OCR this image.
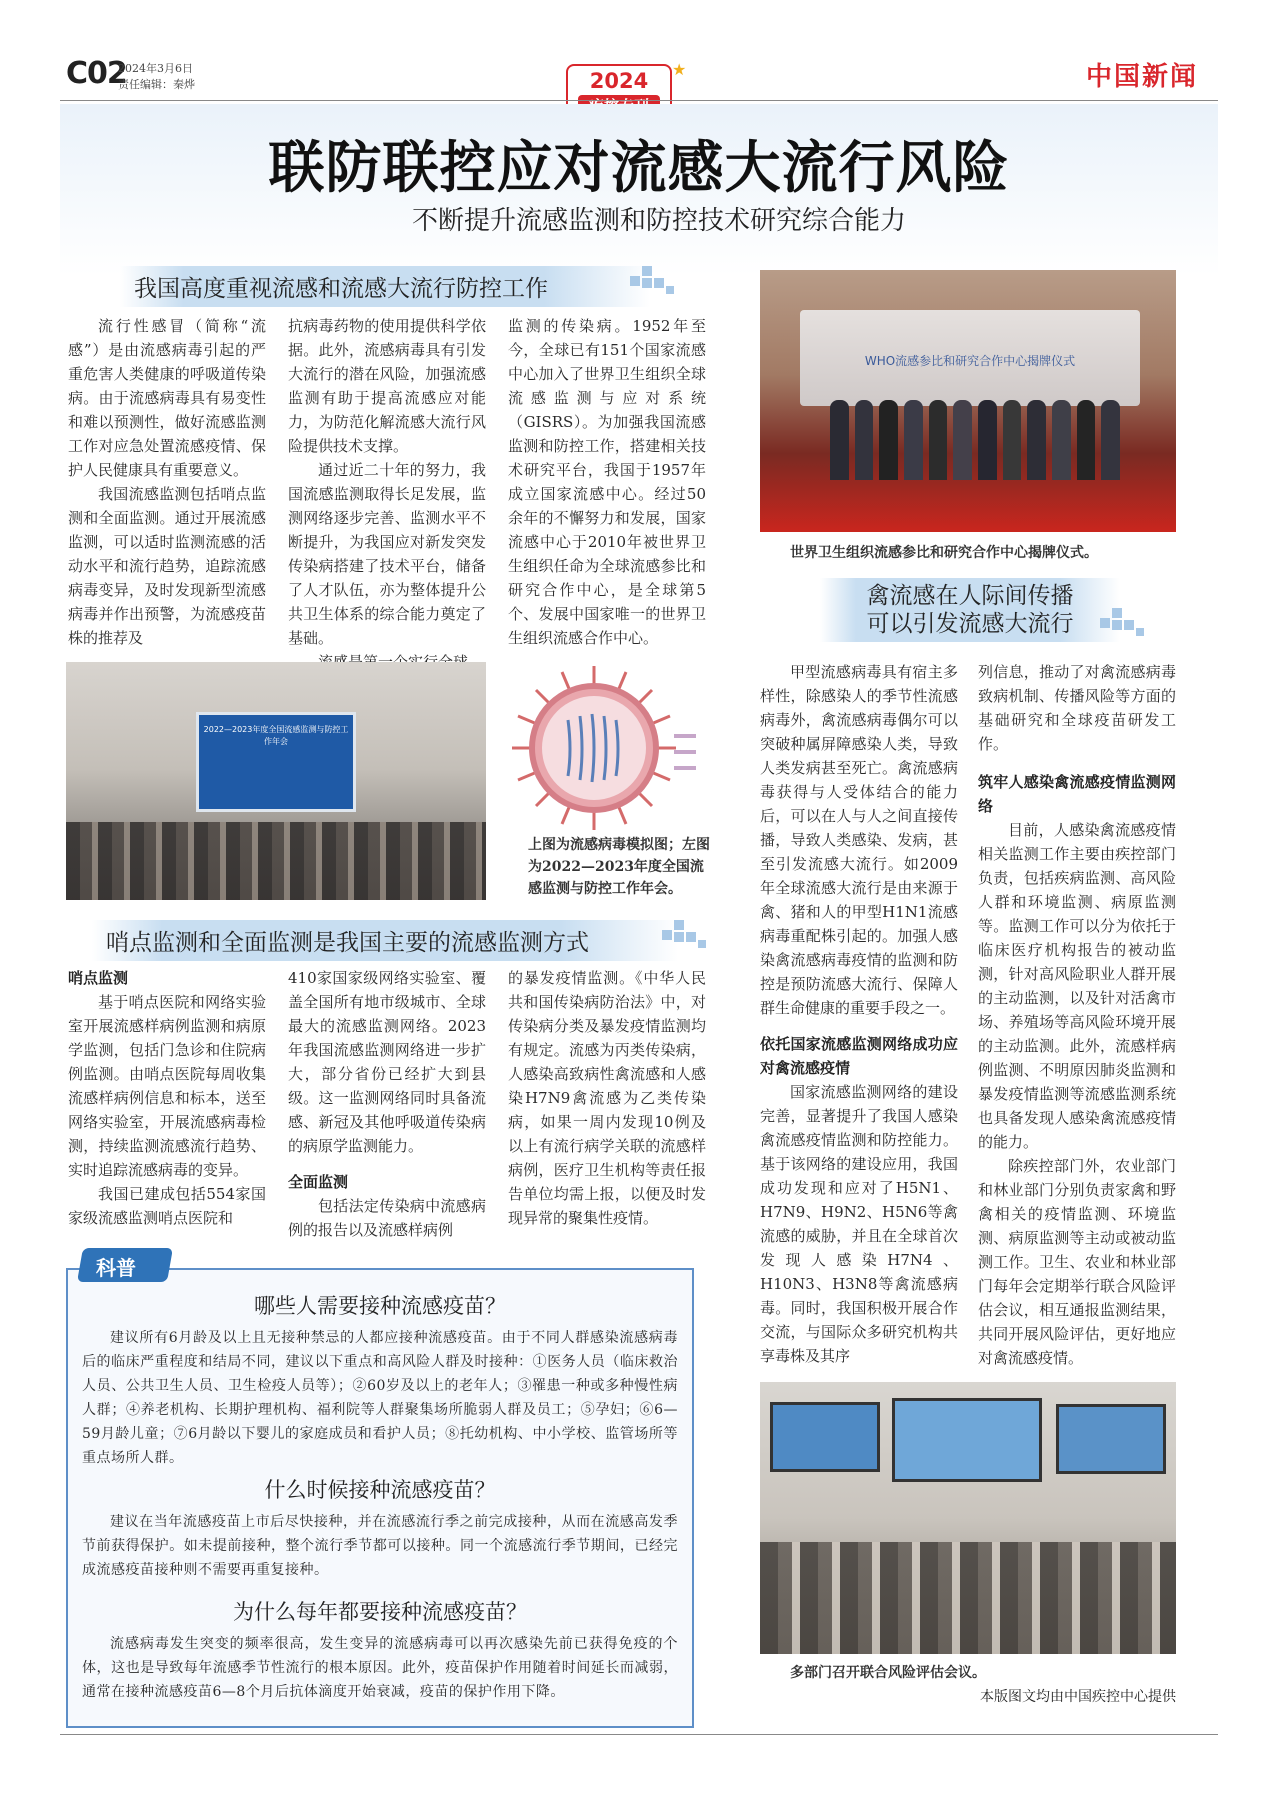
C02
2024年3月6日
责任编辑：秦烨	2024	★	中国新闻
联防联控应对流感大流行风险
不断提升流感监测和防控技术研究综合能力
我国高度重视流感和流感大流行防控工作

流行性感冒（简称“流感”）是由流感病毒引起的严重危害人类健康的呼吸道传染病。由于流感病毒具有易变性和难以预测性，做好流感监测工作对应急处置流感疫情、保护人民健康具有重要意义。

我国流感监测包括哨点监测和全面监测。通过开展流感监测，可以适时监测流感的活动水平和流行趋势，追踪流感病毒变异，及时发现新型流感病毒并作出预警，为流感疫苗株的推荐及

抗病毒药物的使用提供科学依据。此外，流感病毒具有引发大流行的潜在风险，加强流感监测有助于提高流感应对能力，为防范化解流感大流行风险提供技术支撑。

通过近二十年的努力，我国流感监测取得长足发展，监测网络逐步完善、监测水平不断提升，为我国应对新发突发传染病搭建了技术平台，储备了人才队伍，亦为整体提升公共卫生体系的综合能力奠定了基础。

监测的传染病。1952年至今，全球已有151个国家流感中心加入了世界卫生组织全球流感监测与应对系统（GISRS）。为加强我国流感监测和防控工作，搭建相关技术研究平台，我国于1957年成立国家流感中心。经过50余年的不懈努力和发展，国家流感中心于2010年被世界卫生组织任命为全球流感参比和研究合作中心，是全球第5个、发展中国家唯一的世界卫生组织流感合作中心。

WHO流感参比和研究合作中心揭牌仪式
世界卫生组织流感参比和研究合作中心揭牌仪式。
2022—2023年度全国流感监测与防控工作年会
上图为流感病毒模拟图；左图为2022—2023年度全国流感监测与防控工作年会。
禽流感在人际间传播
可以引发流感大流行

甲型流感病毒具有宿主多样性，除感染人的季节性流感病毒外，禽流感病毒偶尔可以突破种属屏障感染人类，导致人类发病甚至死亡。禽流感病毒获得与人受体结合的能力后，可以在人与人之间直接传播，导致人类感染、发病，甚至引发流感大流行。如2009年全球流感大流行是由来源于禽、猪和人的甲型H1N1流感病毒重配株引起的。加强人感染禽流感病毒疫情的监测和防控是预防流感大流行、保障人群生命健康的重要手段之一。

依托国家流感监测网络成功应对禽流感疫情

国家流感监测网络的建设完善，显著提升了我国人感染禽流感疫情监测和防控能力。基于该网络的建设应用，我国成功发现和应对了H5N1、H7N9、H9N2、H5N6等禽流感的威胁，并且在全球首次发现人感染H7N4、H10N3、H3N8等禽流感病毒。同时，我国积极开展合作交流，与国际众多研究机构共享毒株及其序

列信息，推动了对禽流感病毒致病机制、传播风险等方面的基础研究和全球疫苗研发工作。

筑牢人感染禽流感疫情监测网络

目前，人感染禽流感疫情相关监测工作主要由疾控部门负责，包括疾病监测、高风险人群和环境监测、病原监测等。监测工作可以分为依托于临床医疗机构报告的被动监测，针对高风险职业人群开展的主动监测，以及针对活禽市场、养殖场等高风险环境开展的主动监测。此外，流感样病例监测、不明原因肺炎监测和暴发疫情监测等流感监测系统也具备发现人感染禽流感疫情的能力。

除疾控部门外，农业部门和林业部门分别负责家禽和野禽相关的疫情监测、环境监测、病原监测等主动或被动监测工作。卫生、农业和林业部门每年会定期举行联合风险评估会议，相互通报监测结果，共同开展风险评估，更好地应对禽流感疫情。

哨点监测和全面监测是我国主要的流感监测方式
哨点监测

基于哨点医院和网络实验室开展流感样病例监测和病原学监测，包括门急诊和住院病例监测。由哨点医院每周收集流感样病例信息和标本，送至网络实验室，开展流感病毒检测，持续监测流感流行趋势、实时追踪流感病毒的变异。

我国已建成包括554家国家级流感监测哨点医院和

410家国家级网络实验室、覆盖全国所有地市级城市、全球最大的流感监测网络。2023年我国流感监测网络进一步扩大，部分省份已经扩大到县级。这一监测网络同时具备流感、新冠及其他呼吸道传染病的病原学监测能力。

全面监测

包括法定传染病中流感病例的报告以及流感样病例

的暴发疫情监测。《中华人民共和国传染病防治法》中，对传染病分类及暴发疫情监测均有规定。流感为丙类传染病，人感染高致病性禽流感和人感染H7N9禽流感为乙类传染病，如果一周内发现10例及以上有流行病学关联的流感样病例，医疗卫生机构等责任报告单位均需上报，以便及时发现异常的聚集性疫情。

科普
哪些人需要接种流感疫苗？

建议所有6月龄及以上且无接种禁忌的人都应接种流感疫苗。由于不同人群感染流感病毒后的临床严重程度和结局不同，建议以下重点和高风险人群及时接种：①医务人员（临床救治人员、公共卫生人员、卫生检疫人员等）；②60岁及以上的老年人；③罹患一种或多种慢性病人群；④养老机构、长期护理机构、福利院等人群聚集场所脆弱人群及员工；⑤孕妇；⑥6—59月龄儿童；⑦6月龄以下婴儿的家庭成员和看护人员；⑧托幼机构、中小学校、监管场所等重点场所人群。

什么时候接种流感疫苗？

建议在当年流感疫苗上市后尽快接种，并在流感流行季之前完成接种，从而在流感高发季节前获得保护。如未提前接种，整个流行季节都可以接种。同一个流感流行季节期间，已经完成流感疫苗接种则不需要再重复接种。

为什么每年都要接种流感疫苗？

流感病毒发生突变的频率很高，发生变异的流感病毒可以再次感染先前已获得免疫的个体，这也是导致每年流感季节性流行的根本原因。此外，疫苗保护作用随着时间延长而减弱，通常在接种流感疫苗6—8个月后抗体滴度开始衰减，疫苗的保护作用下降。

多部门召开联合风险评估会议。
本版图文均由中国疾控中心提供
